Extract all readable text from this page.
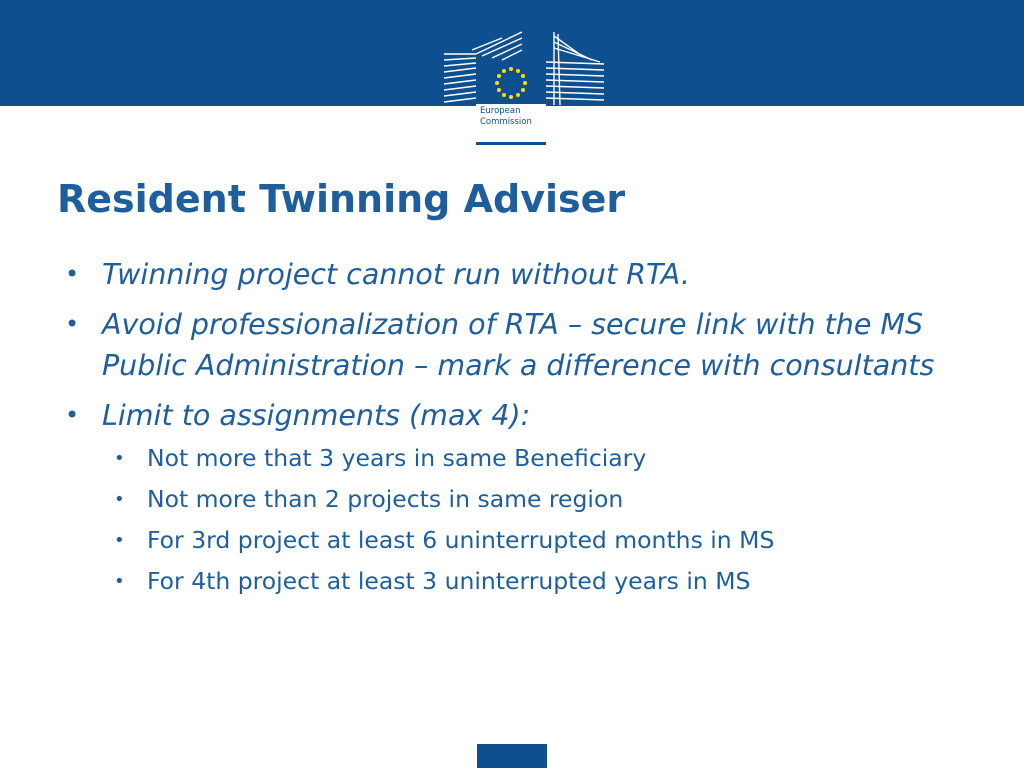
European
Commission
Resident Twinning Adviser
• Twinning project cannot run without RTA.
• Avoid professionalization of RTA – secure link with the MS Public Administration – mark a difference with consultants
• Limit to assignments (max 4):
• Not more that 3 years in same Beneficiary
• Not more than 2 projects in same region
• For 3rd project at least 6 uninterrupted months in MS
• For 4th project at least 3 uninterrupted years in MS
